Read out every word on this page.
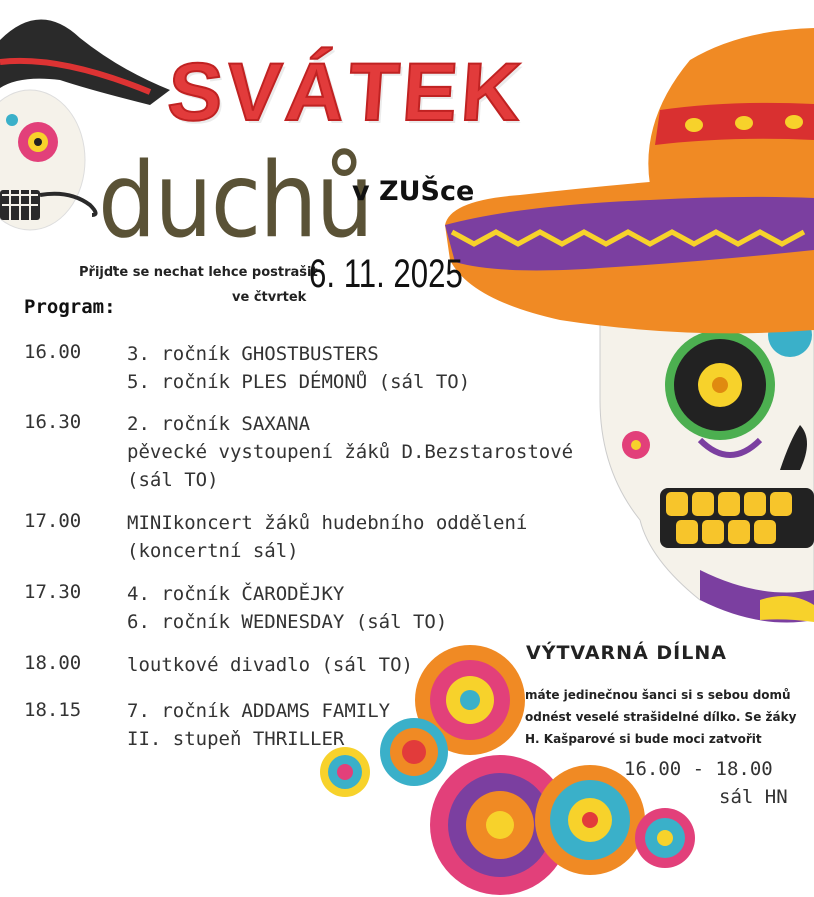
SVÁTEK
duchů
v ZUŠce
Přijďte se nechat lehce postrašit
ve čtvrtek
6. 11. 2025
Program:
16.00 3. ročník GHOSTBUSTERS
5. ročník PLES DÉMONŮ (sál TO)
16.30 2. ročník SAXANA
pěvecké vystoupení žáků D.Bezstarostové
(sál TO)
17.00 MINIkoncert žáků hudebního oddělení
(koncertní sál)
17.30 4. ročník ČARODĚJKY
6. ročník WEDNESDAY (sál TO)
18.00 loutkové divadlo (sál TO)
18.15 7. ročník ADDAMS FAMILY
II. stupeň THRILLER
VÝTVARNÁ DÍLNA
máte jedinečnou šanci si s sebou domů
odnést veselé strašidelné dílko. Se žáky
H. Kašparové si bude moci zatvořit
16.00 - 18.00
sál HN
